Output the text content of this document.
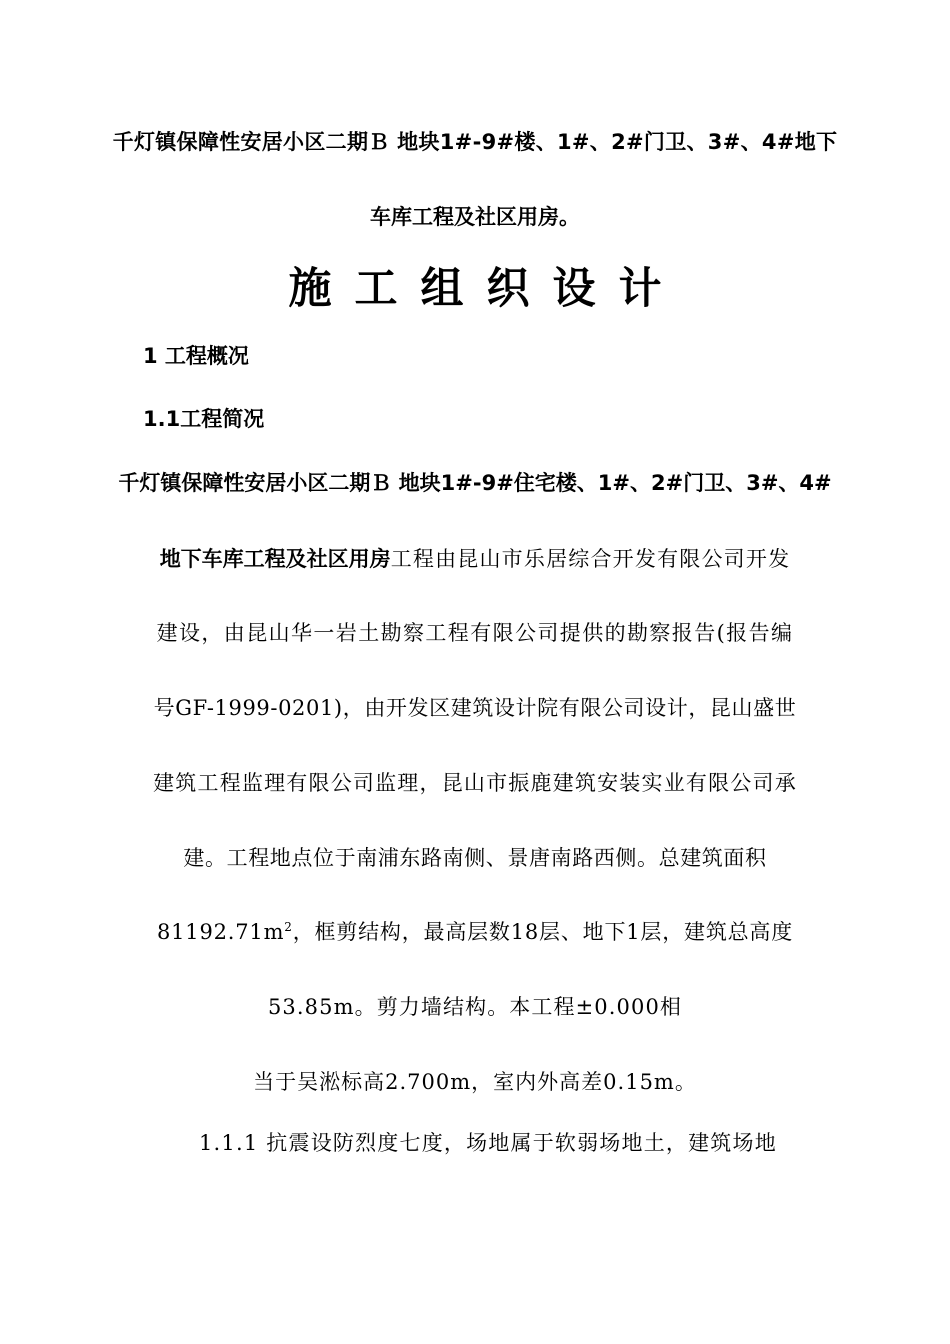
千灯镇保障性安居小区二期Ｂ 地块1#-9#楼、1#、2#门卫、3#、4#地下
车库工程及社区用房。
施工组织设计
1 工程概况
1.1工程简况
千灯镇保障性安居小区二期Ｂ 地块1#-9#住宅楼、1#、2#门卫、3#、4#
地下车库工程及社区用房工程由昆山市乐居综合开发有限公司开发
建设，由昆山华一岩土勘察工程有限公司提供的勘察报告(报告编
号GF-1999-0201)，由开发区建筑设计院有限公司设计，昆山盛世
建筑工程监理有限公司监理，昆山市振鹿建筑安装实业有限公司承
建。工程地点位于南浦东路南侧、景唐南路西侧。总建筑面积
$81192.71m^2$，框剪结构，最高层数18层、地下1层，建筑总高度
53.85m。剪力墙结构。本工程±0.000相
当于吴淞标高2.700m，室内外高差0.15m。
1.1.1 抗震设防烈度七度，场地属于软弱场地土，建筑场地
